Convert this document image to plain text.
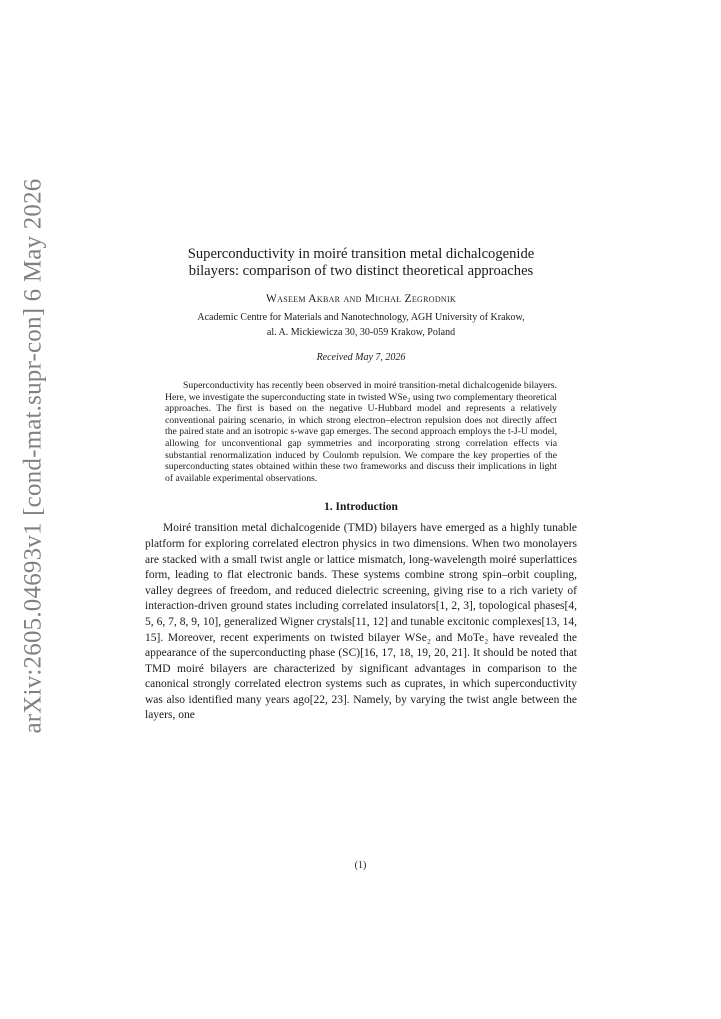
arXiv:2605.04693v1 [cond-mat.supr-con] 6 May 2026	Superconductivity in moiré transition metal dichalcogenide
bilayers: comparison of two distinct theoretical approaches
Waseem Akbar and Michał Zegrodnik
Academic Centre for Materials and Nanotechnology, AGH University of Krakow,
al. A. Mickiewicza 30, 30-059 Krakow, Poland
Received May 7, 2026

Superconductivity has recently been observed in moiré transition-metal dichalcogenide bilayers. Here, we investigate the superconducting state in twisted WSe₂ using two complementary theoretical approaches. The first is based on the negative U-Hubbard model and represents a relatively conventional pairing scenario, in which strong electron–electron repulsion does not directly affect the paired state and an isotropic s-wave gap emerges. The second approach employs the t-J-U model, allowing for unconventional gap symmetries and incorporating strong correlation effects via substantial renormalization induced by Coulomb repulsion. We compare the key properties of the superconducting states obtained within these two frameworks and discuss their implications in light of available experimental observations.

1. Introduction

Moiré transition metal dichalcogenide (TMD) bilayers have emerged as a highly tunable platform for exploring correlated electron physics in two dimensions. When two monolayers are stacked with a small twist angle or lattice mismatch, long-wavelength moiré superlattices form, leading to flat electronic bands. These systems combine strong spin–orbit coupling, valley degrees of freedom, and reduced dielectric screening, giving rise to a rich variety of interaction-driven ground states including correlated insulators[1, 2, 3], topological phases[4, 5, 6, 7, 8, 9, 10], generalized Wigner crystals[11, 12] and tunable excitonic complexes[13, 14, 15]. Moreover, recent experiments on twisted bilayer WSe₂ and MoTe₂ have revealed the appearance of the superconducting phase (SC)[16, 17, 18, 19, 20, 21]. It should be noted that TMD moiré bilayers are characterized by significant advantages in comparison to the canonical strongly correlated electron systems such as cuprates, in which superconductivity was also identified many years ago[22, 23]. Namely, by varying the twist angle between the layers, one

(1)
